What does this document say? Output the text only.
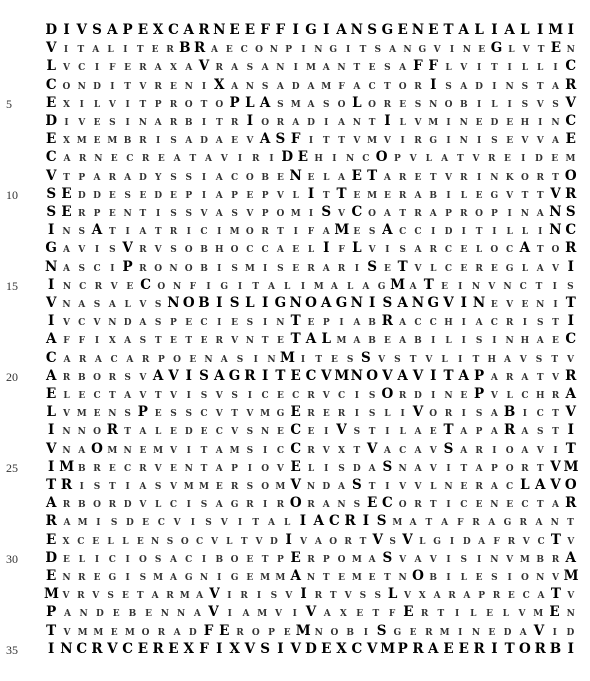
5
10
15
20
25
30
35
D I V S A P E X C A R N E E F F I G I A N S G E N E T A L I A L I M I
V I	T A L	I	T E R B R A E C O N P	I N G I	T S A N G V	I N E G L V T E N
L V C	I	F E R A X A V R A S A N	I M A N T E S A F F L V	I	T	I	L L	I C
C O N D	I	T V R E N	I X A N S A D A M F A C T O R I S A D	I	N S T A R
E X	I	L V	I	T P R O T O P L A S M A S O L O R E S N O B	I	L	I	S V S V
D I	V E S	I	N A R B	I	T R I O R A D	I	A N T I L V M I	N E D E H I	N C
E X M E M B R	I	S A D A E V A S F I	T T V M V	I	R G	I	N	I	S E V V A E
C A R N E C R E A T A V	I	R	I D E H	I	N C O P V	L	A T V R E	I	D E M
V T P A R A D Y S S	I	A C O B E N E L A E T A R E T V R	I	N K O R T O
S E D D E S E D E P	I	A P E P V L I T T E M E R A B	I	L E G V T T V R
S E R P E N T	I	S S V A S V P O M I S V C O A T R A P R O P	I	N A N S
I N S A T	I	A T R	I	C	I M O R T	I	F A M E S A C C	I	D	I	T	I	L L	I N C
G A V	I	S V R V S O B H O C C A E L I F L V	I	S A R C E L O C A T O R
N A S C	I P R O N O B	I	S M I	S E R A R	I S E T V L C E R E G L A V I
I N C R V E C O N F	I	G	I	T A	L	I M A	L	A G M A T E	I	N V N C T	I	S
V N A S A L V S N O B I S L I G N O A G N I S A N G V I N E V E N	I T
I V C V N D A S P E C	I	E S	I	N T E P	I	A B R A C C H I	A C R	I	S T I
A F F	I	X A S T E T E R V N T E T A L M A B E A B	I	L	I	S	I	N H A E C
C A R A C A R P O E N A S	I	N M I	T E	S S V S	T V	L	I	T H A V S	T V
A R B O R S V A V I S A G R I T E C V M N O V A V I T A P A R A T V R
E L E C T A V T V	I	S V S	I	C E C R V C	I	S O R D	I	N E P V L C H R A
L V M E N S P E S S C V T V M G E R E R	I	S L	I V O R	I	S A B I	C T V
I N N O R T A L E D E C V S N E C E	I V S T	I	L A E T A P A R A S T I
V N A O M N E M V	I	T A M S	I	C C R V X T V A C A V S A R	I	O A V	I T
I M B R E C R V E N T A P	I	O V E L	I	S D A S N A V	I	T A P O R T V M
T R I	S T	I	A S V M M E R S O M V N D A S T	I	V V L N E R A C L A V O
A R B O R D V L C	I	S A G R	I	R O R A N S E C O R T	I	C E N E C T A R
R A M I	S D E C V	I	S	V	I	T A	L I A C R I S M A T A	F R A G R A N T
E X C E L L E N S O C V L T V D I V A O R T V S V L G I D A F R V C T V
D E L	I	C	I	O S A C	I	B O E T P E R P O M A S V A V	I	S	I	N V M B R A
E N R E G	I	S M A G N	I	G E M M A N T E M E T N O B	I	L E S	I	O N V M
M V R V S E T A R M A V I	R I	S V I R T V S S L V X A R A P R E C A T V
P A N D E	B E N N A V I	A M V	I V A	X	E	T	F E R	T	I	L	E	L	V M E N
T V M M E M O R A D F E R O P E M N O B	I S G E R M I	N E D A V I	D
I N C R V C E R E X F I X V S I V D E X C V M P R A E E R I T O R B I
